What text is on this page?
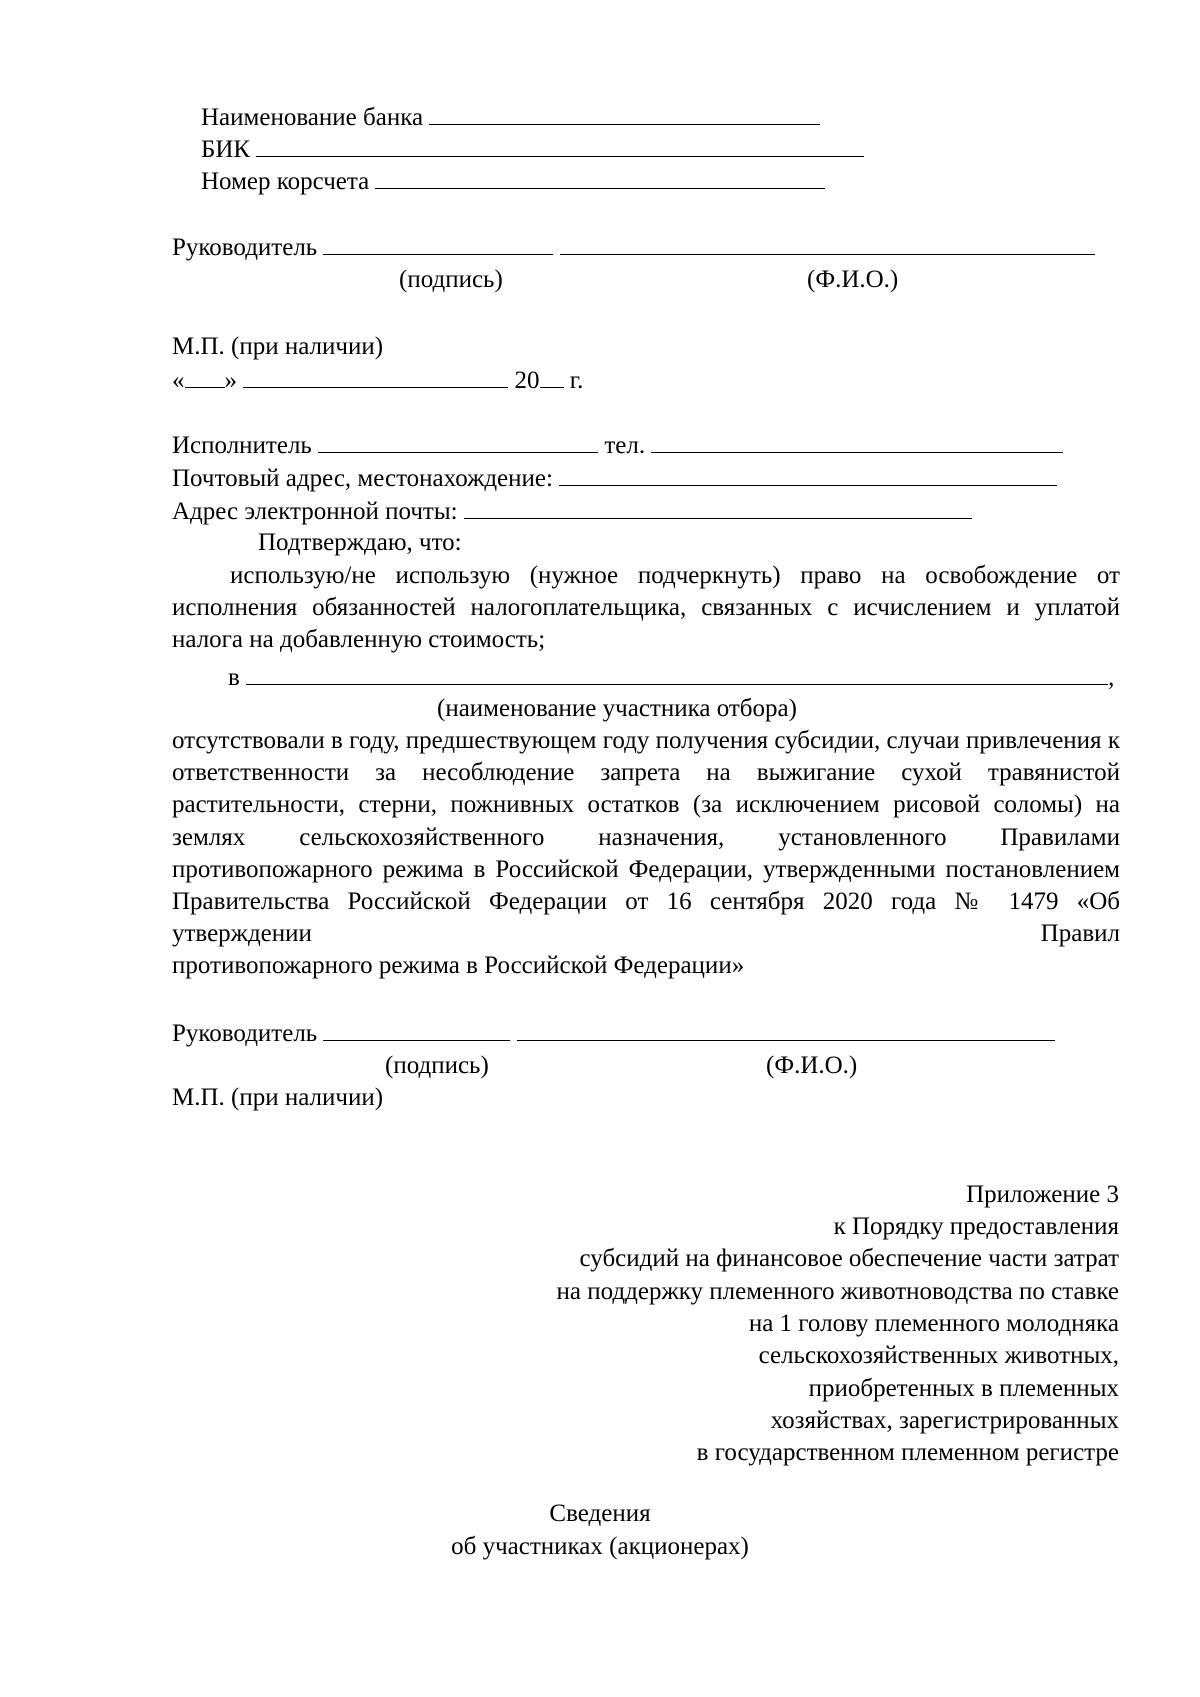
Наименование банка
БИК
Номер корсчета
Руководитель
(подпись)	(Ф.И.О.)
М.П. (при наличии)
« »	20 г.
Исполнитель	тел.
Почтовый адрес, местонахождение:
Адрес электронной почты:
Подтверждаю, что:
использую/не использую (нужное подчеркнуть) право на освобождение от исполнения обязанностей налогоплательщика, связанных с исчислением и уплатой налога на добавленную стоимость;
в	,
(наименование участника отбора)
отсутствовали в году, предшествующем году получения субсидии, случаи привлечения к ответственности за несоблюдение запрета на выжигание сухой травянистой растительности, стерни, пожнивных остатков (за исключением рисовой соломы) на землях сельскохозяйственного назначения, установленного Правилами противопожарного режима в Российской Федерации, утвержденными постановлением Правительства Российской Федерации от 16 сентября 2020 года № 1479 «Об утверждении Правил
противопожарного режима в Российской Федерации»
Руководитель
(подпись)	(Ф.И.О.)
М.П. (при наличии)
Приложение 3
к Порядку предоставления
субсидий на финансовое обеспечение части затрат
на поддержку племенного животноводства по ставке
на 1 голову племенного молодняка
сельскохозяйственных животных,
приобретенных в племенных
хозяйствах, зарегистрированных
в государственном племенном регистре
Сведения
об участниках (акционерах)
